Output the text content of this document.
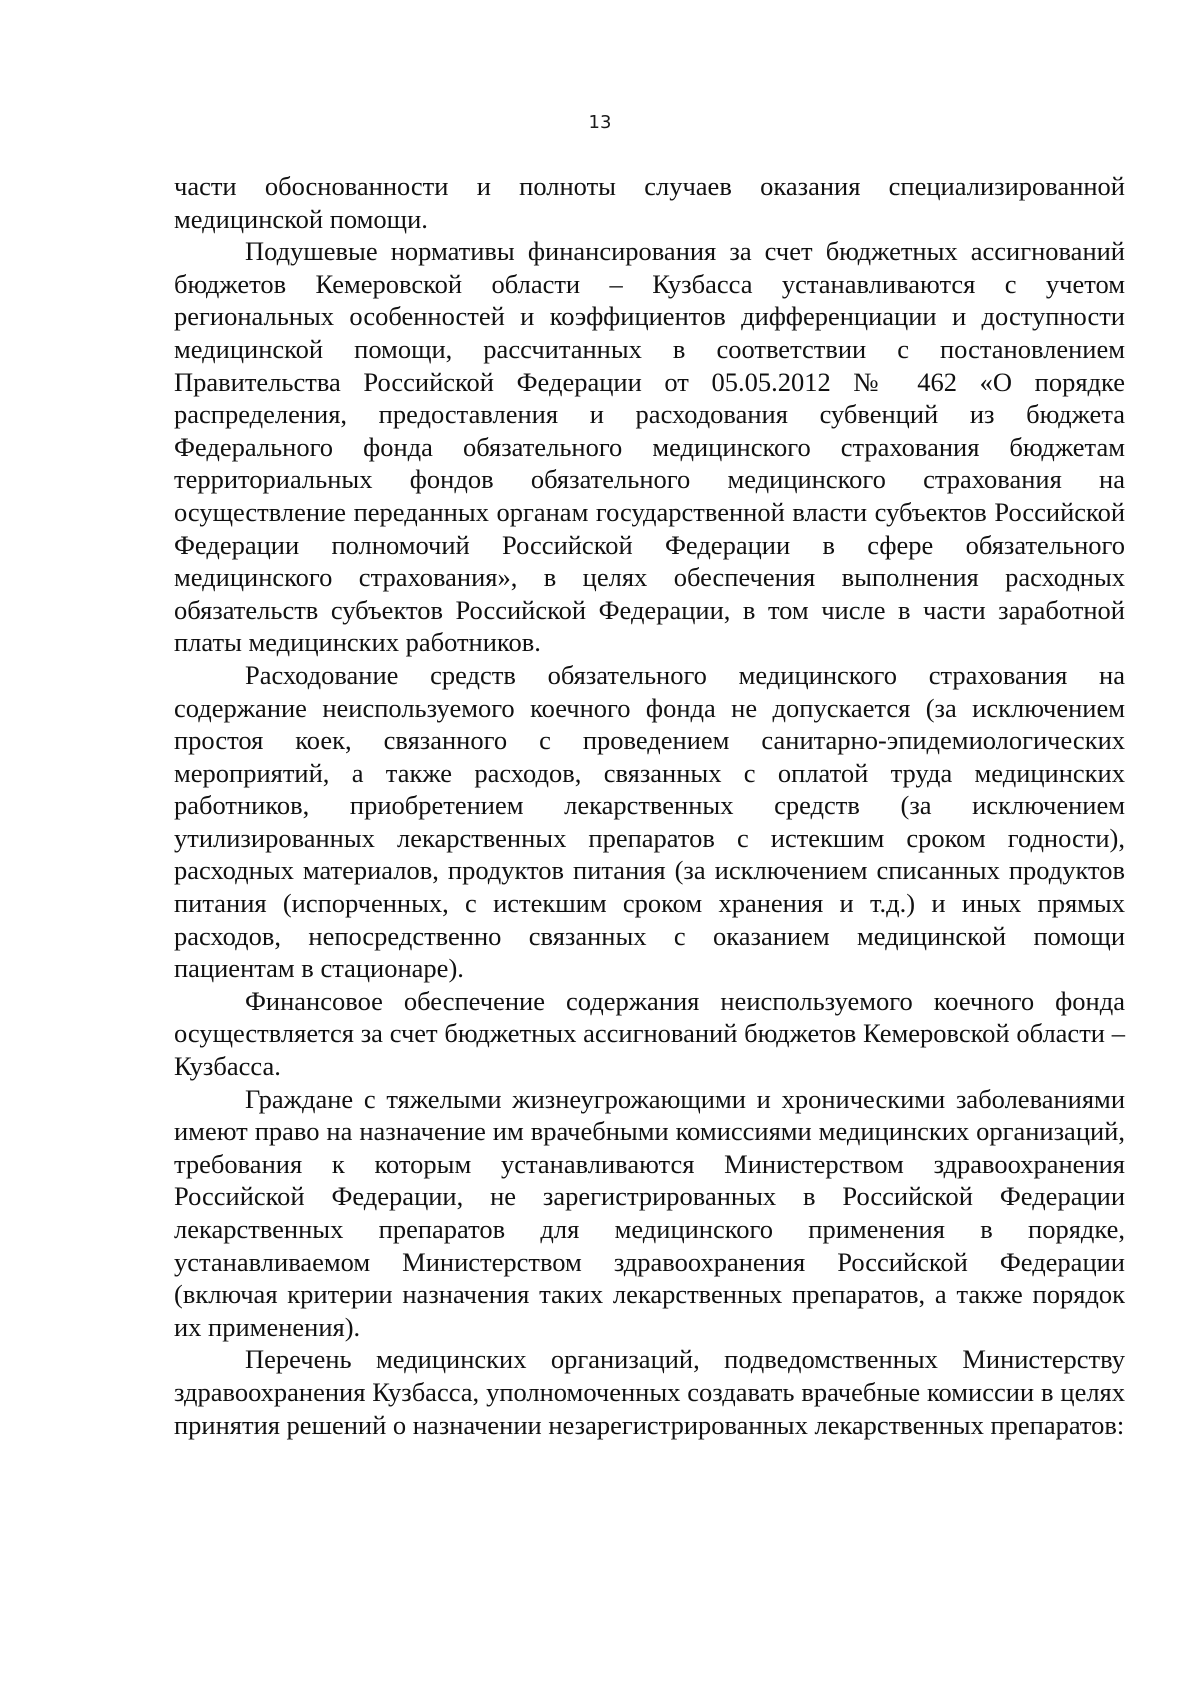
13

части обоснованности и полноты случаев оказания специализированной медицинской помощи.

Подушевые нормативы финансирования за счет бюджетных ассигнований бюджетов Кемеровской области – Кузбасса устанавливаются с учетом региональных особенностей и коэффициентов дифференциации и доступности медицинской помощи, рассчитанных в соответствии с постановлением Правительства Российской Федерации от 05.05.2012 № 462 «О порядке распределения, предоставления и расходования субвенций из бюджета Федерального фонда обязательного медицинского страхования бюджетам территориальных фондов обязательного медицинского страхования на осуществление переданных органам государственной власти субъектов Российской Федерации полномочий Российской Федерации в сфере обязательного медицинского страхования», в целях обеспечения выполнения расходных обязательств субъектов Российской Федерации, в том числе в части заработной платы медицинских работников.

Расходование средств обязательного медицинского страхования на содержание неиспользуемого коечного фонда не допускается (за исключением простоя коек, связанного с проведением санитарно-эпидемиологических мероприятий, а также расходов, связанных с оплатой труда медицинских работников, приобретением лекарственных средств (за исключением утилизированных лекарственных препаратов с истекшим сроком годности), расходных материалов, продуктов питания (за исключением списанных продуктов питания (испорченных, с истекшим сроком хранения и т.д.) и иных прямых расходов, непосредственно связанных с оказанием медицинской помощи пациентам в стационаре).

Финансовое обеспечение содержания неиспользуемого коечного фонда осуществляется за счет бюджетных ассигнований бюджетов Кемеровской области – Кузбасса.

Граждане с тяжелыми жизнеугрожающими и хроническими заболеваниями имеют право на назначение им врачебными комиссиями медицинских организаций, требования к которым устанавливаются Министерством здравоохранения Российской Федерации, не зарегистрированных в Российской Федерации лекарственных препаратов для медицинского применения в порядке, устанавливаемом Министерством здравоохранения Российской Федерации (включая критерии назначения таких лекарственных препаратов, а также порядок их применения).

Перечень медицинских организаций, подведомственных Министерству здравоохранения Кузбасса, уполномоченных создавать врачебные комиссии в целях принятия решений о назначении незарегистрированных лекарственных препаратов:
